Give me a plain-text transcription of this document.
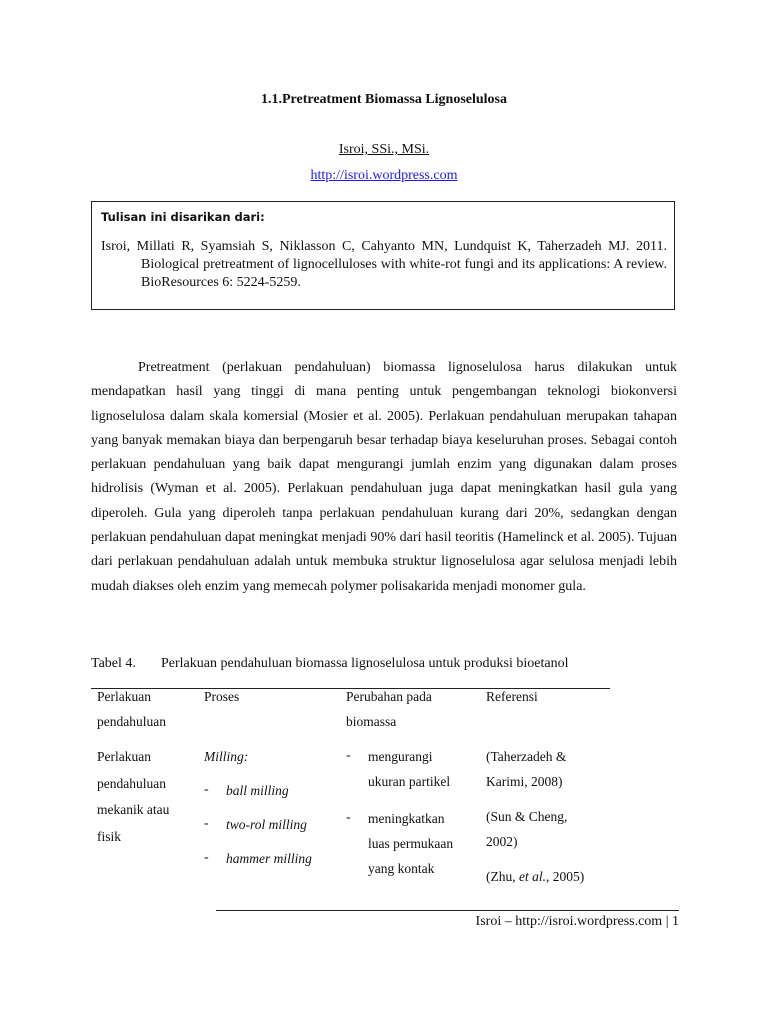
1.1.Pretreatment Biomassa Lignoselulosa
Isroi, SSi., MSi.
http://isroi.wordpress.com
Tulisan ini disarikan dari:
Isroi, Millati R, Syamsiah S, Niklasson C, Cahyanto MN, Lundquist K, Taherzadeh MJ. 2011. Biological pretreatment of lignocelluloses with white-rot fungi and its applications: A review. BioResources 6: 5224-5259.
Pretreatment (perlakuan pendahuluan) biomassa lignoselulosa harus dilakukan untuk mendapatkan hasil yang tinggi di mana penting untuk pengembangan teknologi biokonversi lignoselulosa dalam skala komersial (Mosier et al. 2005). Perlakuan pendahuluan merupakan tahapan yang banyak memakan biaya dan berpengaruh besar terhadap biaya keseluruhan proses. Sebagai contoh perlakuan pendahuluan yang baik dapat mengurangi jumlah enzim yang digunakan dalam proses hidrolisis (Wyman et al. 2005). Perlakuan pendahuluan juga dapat meningkatkan hasil gula yang diperoleh. Gula yang diperoleh tanpa perlakuan pendahuluan kurang dari 20%, sedangkan dengan perlakuan pendahuluan dapat meningkat menjadi 90% dari hasil teoritis (Hamelinck et al. 2005). Tujuan dari perlakuan pendahuluan adalah untuk membuka struktur lignoselulosa agar selulosa menjadi lebih mudah diakses oleh enzim yang memecah polymer polisakarida menjadi monomer gula.
Tabel 4. Perlakuan pendahuluan biomassa lignoselulosa untuk produksi bioetanol
Perlakuan pendahuluan
Proses	Perubahan pada biomassa
Referensi
Perlakuan pendahuluan mekanik atau fisik
Milling:
- ball milling
- two-rol milling
- hammer milling
- mengurangi ukuran partikel
- meningkatkan luas permukaan yang kontak
(Taherzadeh & Karimi, 2008)
(Sun & Cheng, 2002)
(Zhu, et al., 2005)
Isroi – http://isroi.wordpress.com | 1
